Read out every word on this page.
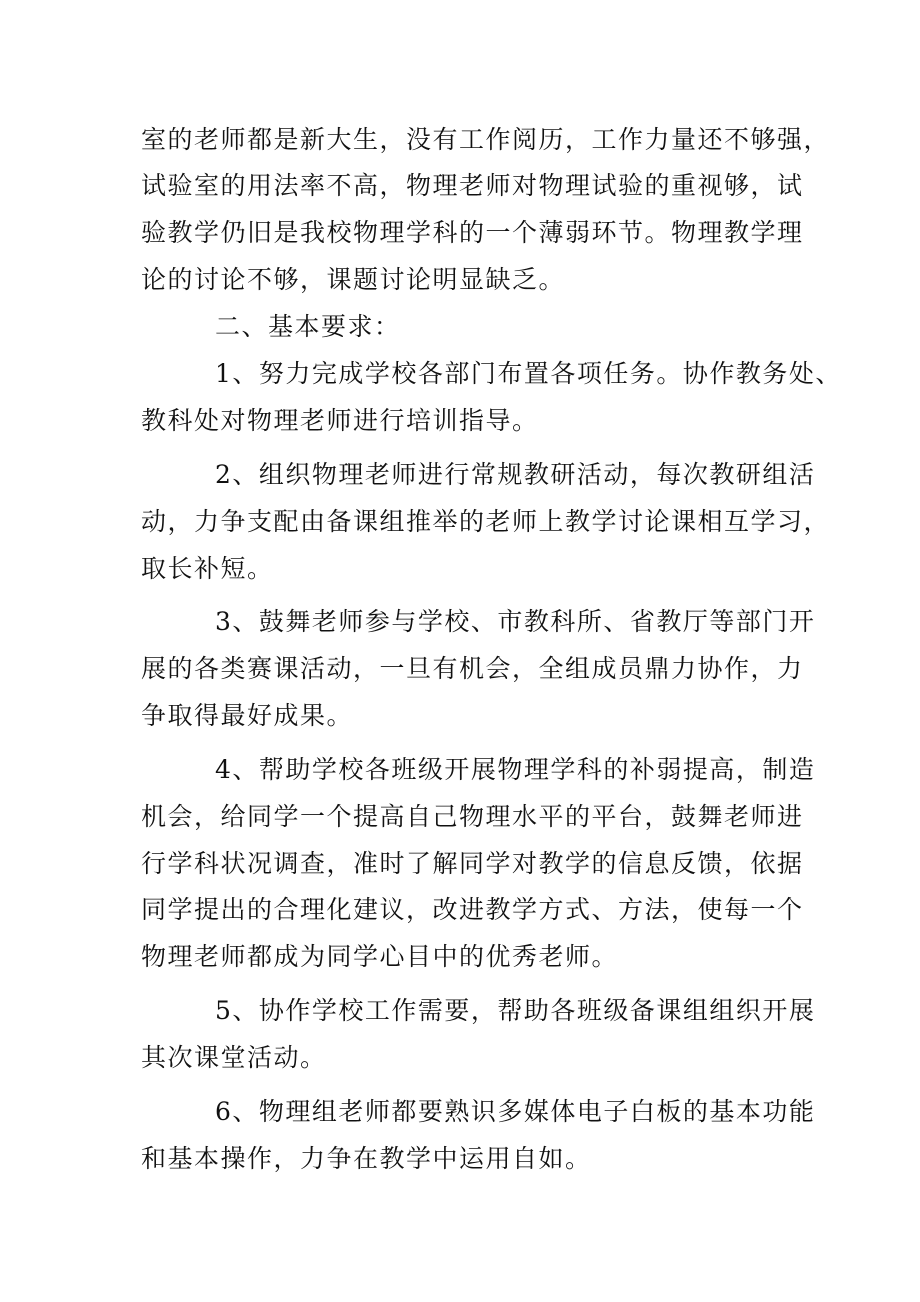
室的老师都是新大生，没有工作阅历，工作力量还不够强，
试验室的用法率不高，物理老师对物理试验的重视够，试
验教学仍旧是我校物理学科的一个薄弱环节。物理教学理
论的讨论不够，课题讨论明显缺乏。
二、基本要求：
1、努力完成学校各部门布置各项任务。协作教务处、
教科处对物理老师进行培训指导。
2、组织物理老师进行常规教研活动，每次教研组活
动，力争支配由备课组推举的老师上教学讨论课相互学习，
取长补短。
3、鼓舞老师参与学校、市教科所、省教厅等部门开
展的各类赛课活动，一旦有机会，全组成员鼎力协作，力
争取得最好成果。
4、帮助学校各班级开展物理学科的补弱提高，制造
机会，给同学一个提高自己物理水平的平台，鼓舞老师进
行学科状况调查，准时了解同学对教学的信息反馈，依据
同学提出的合理化建议，改进教学方式、方法，使每一个
物理老师都成为同学心目中的优秀老师。
5、协作学校工作需要，帮助各班级备课组组织开展
其次课堂活动。
6、物理组老师都要熟识多媒体电子白板的基本功能
和基本操作，力争在教学中运用自如。
